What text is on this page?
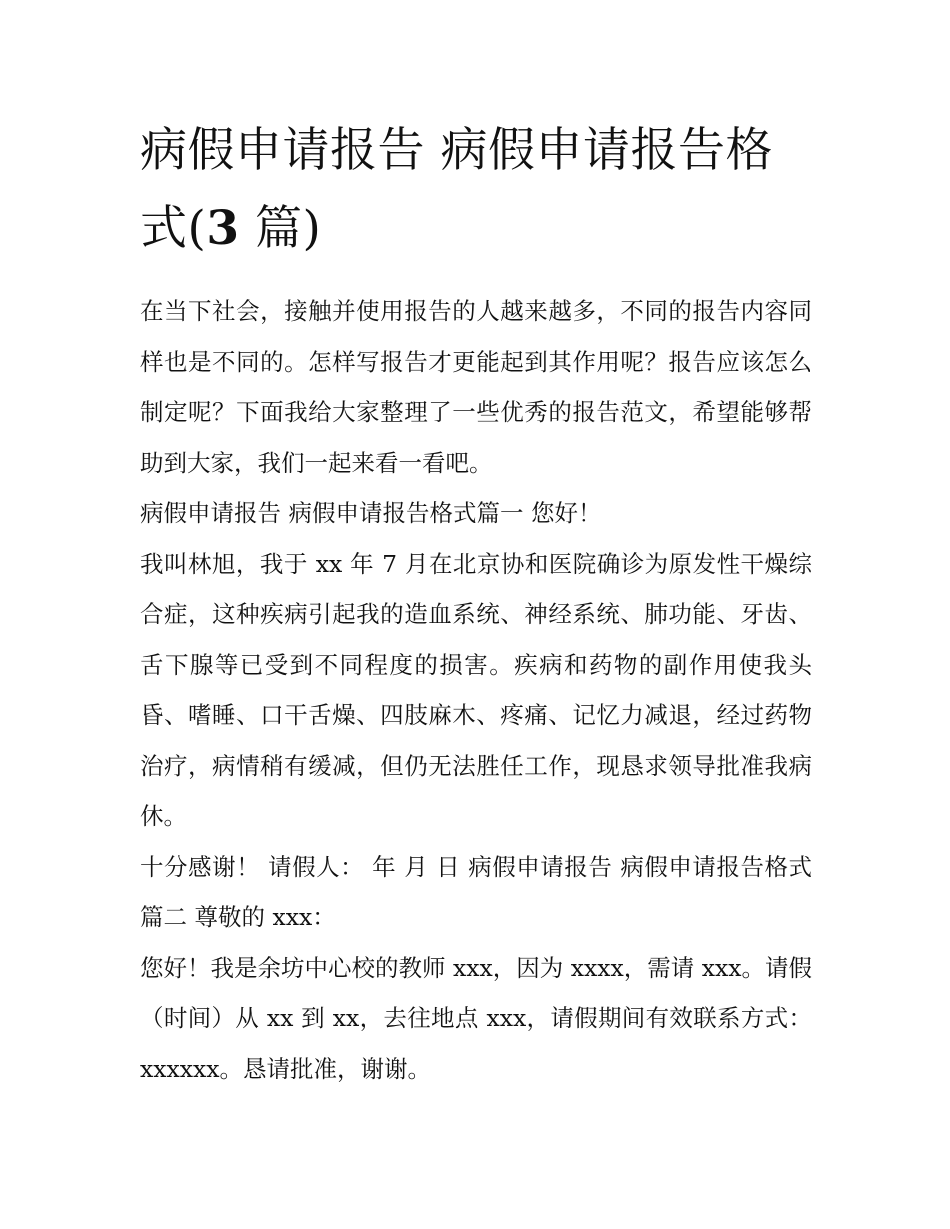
病假申请报告 病假申请报告格式(3 篇)

在当下社会，接触并使用报告的人越来越多，不同的报告内容同样也是不同的。怎样写报告才更能起到其作用呢？报告应该怎么制定呢？下面我给大家整理了一些优秀的报告范文，希望能够帮助到大家，我们一起来看一看吧。

病假申请报告 病假申请报告格式篇一 您好！

我叫林旭，我于 xx 年 7 月在北京协和医院确诊为原发性干燥综合症，这种疾病引起我的造血系统、神经系统、肺功能、牙齿、舌下腺等已受到不同程度的损害。疾病和药物的副作用使我头昏、嗜睡、口干舌燥、四肢麻木、疼痛、记忆力减退，经过药物治疗，病情稍有缓减，但仍无法胜任工作，现恳求领导批准我病休。

十分感谢！ 请假人： 年 月 日 病假申请报告 病假申请报告格式篇二 尊敬的 xxx：

您好！我是余坊中心校的教师 xxx，因为 xxxx，需请 xxx。请假（时间）从 xx 到 xx，去往地点 xxx，请假期间有效联系方式：xxxxxx。恳请批准，谢谢。
